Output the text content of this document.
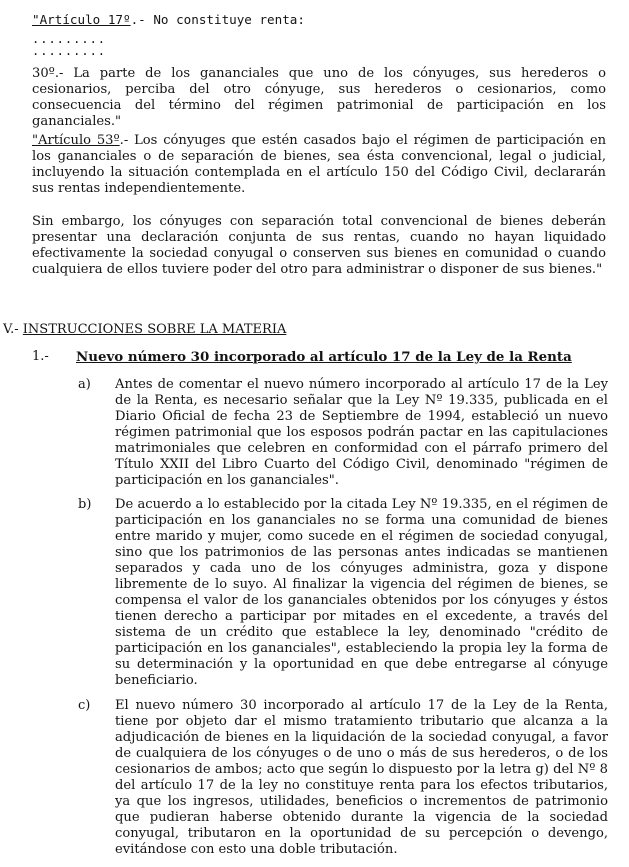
"Artículo 17º.- No constituye renta:

.........
.........

30º.- La parte de los gananciales que uno de los cónyuges, sus herederos o cesionarios, perciba del otro cónyuge, sus herederos o cesionarios, como consecuencia del término del régimen patrimonial de participación en los gananciales."

"Artículo 53º.- Los cónyuges que estén casados bajo el régimen de participación en los gananciales o de separación de bienes, sea ésta convencional, legal o judicial, incluyendo la situación contemplada en el artículo 150 del Código Civil, declararán sus rentas independientemente.

Sin embargo, los cónyuges con separación total convencional de bienes deberán presentar una declaración conjunta de sus rentas, cuando no hayan liquidado efectivamente la sociedad conyugal o conserven sus bienes en comunidad o cuando cualquiera de ellos tuviere poder del otro para administrar o disponer de sus bienes."

V.- INSTRUCCIONES SOBRE LA MATERIA
1.- Nuevo número 30 incorporado al artículo 17 de la Ley de la Renta
a) Antes de comentar el nuevo número incorporado al artículo 17 de la Ley de la Renta, es necesario señalar que la Ley Nº 19.335, publicada en el Diario Oficial de fecha 23 de Septiembre de 1994, estableció un nuevo régimen patrimonial que los esposos podrán pactar en las capitulaciones matrimoniales que celebren en conformidad con el párrafo primero del Título XXII del Libro Cuarto del Código Civil, denominado "régimen de participación en los gananciales".

b) De acuerdo a lo establecido por la citada Ley Nº 19.335, en el régimen de participación en los gananciales no se forma una comunidad de bienes entre marido y mujer, como sucede en el régimen de sociedad conyugal, sino que los patrimonios de las personas antes indicadas se mantienen separados y cada uno de los cónyuges administra, goza y dispone libremente de lo suyo. Al finalizar la vigencia del régimen de bienes, se compensa el valor de los gananciales obtenidos por los cónyuges y éstos tienen derecho a participar por mitades en el excedente, a través del sistema de un crédito que establece la ley, denominado "crédito de participación en los gananciales", estableciendo la propia ley la forma de su determinación y la oportunidad en que debe entregarse al cónyuge beneficiario.

c) El nuevo número 30 incorporado al artículo 17 de la Ley de la Renta, tiene por objeto dar el mismo tratamiento tributario que alcanza a la adjudicación de bienes en la liquidación de la sociedad conyugal, a favor de cualquiera de los cónyuges o de uno o más de sus herederos, o de los cesionarios de ambos; acto que según lo dispuesto por la letra g) del Nº 8 del artículo 17 de la ley no constituye renta para los efectos tributarios, ya que los ingresos, utilidades, beneficios o incrementos de patrimonio que pudieran haberse obtenido durante la vigencia de la sociedad conyugal, tributaron en la oportunidad de su percepción o devengo, evitándose con esto una doble tributación.
